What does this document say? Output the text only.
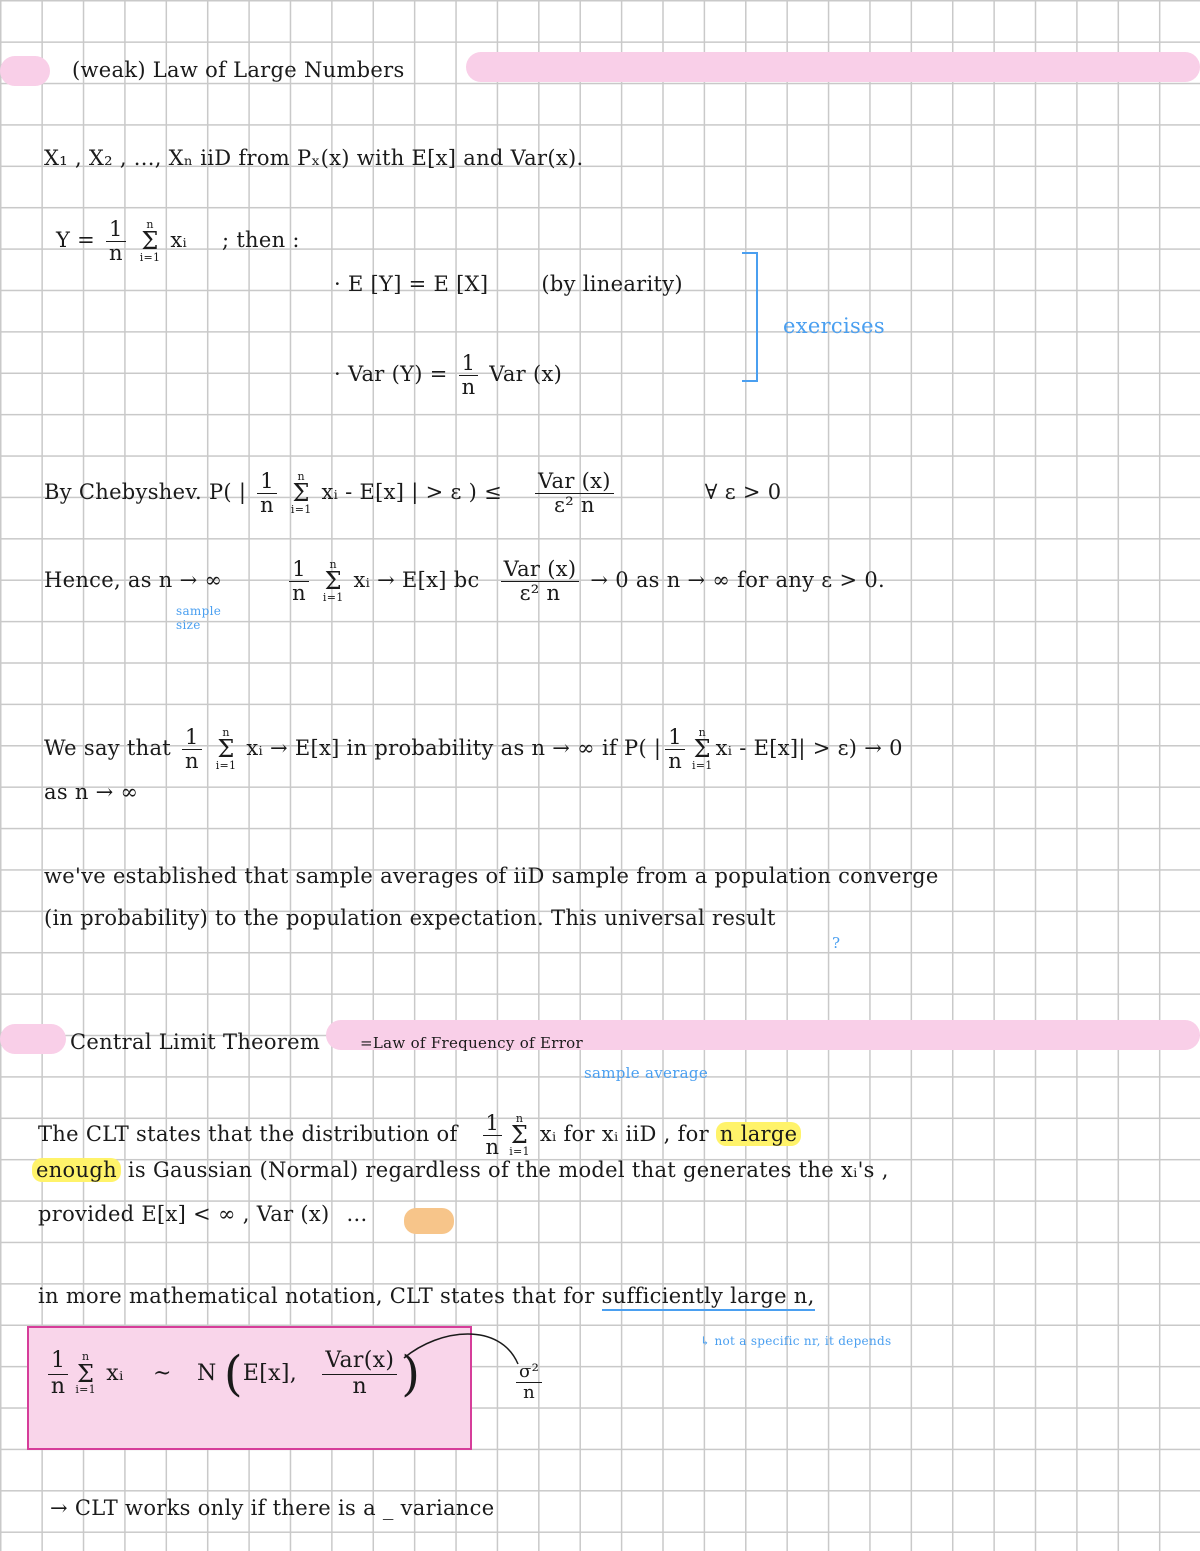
(weak) Law of Large Numbers
X₁ , X₂ , ..., Xₙ iiD from Pₓ(x) with E[x] and Var(x).
$Y = \frac{1}{n}$
n
Σ
i=1
xᵢ ; then :
· E [Y] = E [X]	(by linearity)
· Var $(Y) = \frac{1}{n}$ Var (x)
exercises
By Chebyshev. P( | $\frac{1}{n}$
n
Σ
i=1
xᵢ - E[x] | > ε ) ≤ $\frac{\text{Var (x)}}{\text{ε² n}}$	∀ ε > 0
Hence, as n → ∞	$\frac{1}{n}$
n
Σ
i=1
xᵢ → E[x] bc $\frac{\text{Var (x)}}{\text{ε² n}} \to 0$ as n → ∞ for any ε > 0.
sample size
We say that $\frac{1}{n}$
n
Σ
i=1
xᵢ → E[x] in probability as n → ∞ if P( | $\frac{1}{n}$ n
Σ
i=1
xᵢ - E[x]| > ε) → 0
as n → ∞
we've established that sample averages of iiD sample from a population converge
(in probability) to the population expectation. This universal result
?
Central Limit Theorem	=Law of Frequency of Error
sample average
The CLT states that the distribution of $\frac{1}{n}$ n
Σ
i=1
xᵢ for xᵢ iiD , for n large
enough is Gaussian (Normal) regardless of the model that generates the xᵢ's ,
provided E[x] < ∞ , Var (x) ...
in more mathematical notation, CLT states that for sufficiently large n,
↳ not a specific nr, it depends
$\frac{1}{n}$ n
Σ
i=1
xᵢ ~ N (E[x], $\frac{\text{Var(x)}}{n}$ )	$\frac{\text{σ²}}{n}$
→ CLT works only if there is a _ variance
